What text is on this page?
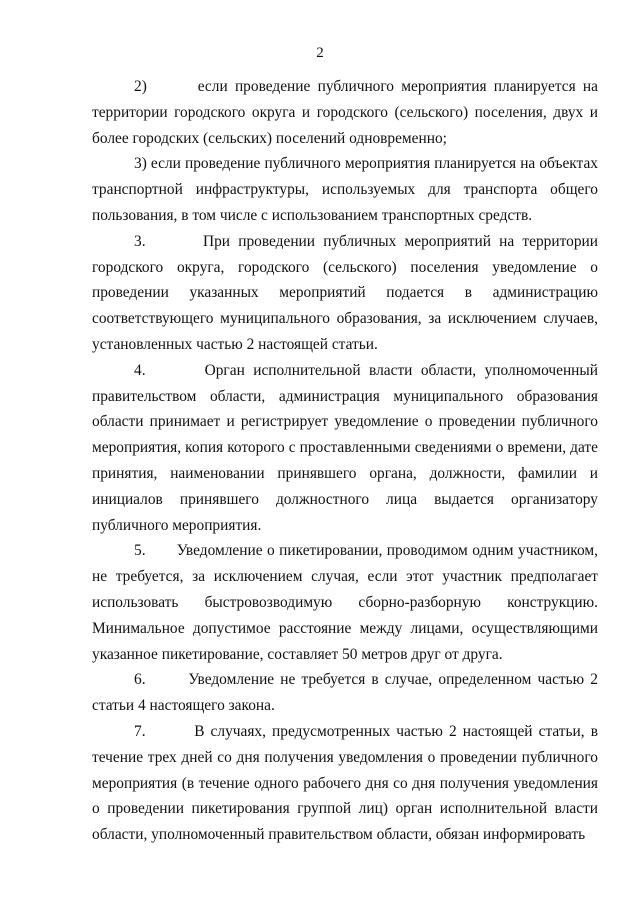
2

2)       если проведение публичного мероприятия планируется на территории городского округа и городского (сельского) поселения, двух и более городских (сельских) поселений одновременно;

3) если проведение публичного мероприятия планируется на объектах транспортной инфраструктуры, используемых для транспорта общего пользования, в том числе с использованием транспортных средств.

3.       При проведении публичных мероприятий на территории городского округа, городского (сельского) поселения уведомление о проведении указанных мероприятий подается в администрацию соответствующего муниципального образования, за исключением случаев, установленных частью 2 настоящей статьи.

4.       Орган исполнительной власти области, уполномоченный правительством области, администрация муниципального образования области принимает и регистрирует уведомление о проведении публичного мероприятия, копия которого с проставленными сведениями о времени, дате принятия, наименовании принявшего органа, должности, фамилии и инициалов принявшего должностного лица выдается организатору публичного мероприятия.

5.       Уведомление о пикетировании, проводимом одним участником, не требуется, за исключением случая, если этот участник предполагает использовать быстровозводимую сборно-разборную конструкцию. Минимальное допустимое расстояние между лицами, осуществляющими указанное пикетирование, составляет 50 метров друг от друга.

6.       Уведомление не требуется в случае, определенном частью 2 статьи 4 настоящего закона.

7.        В случаях, предусмотренных частью 2 настоящей статьи, в течение трех дней со дня получения уведомления о проведении публичного мероприятия (в течение одного рабочего дня со дня получения уведомления о проведении пикетирования группой лиц) орган исполнительной власти области, уполномоченный правительством области, обязан информировать
